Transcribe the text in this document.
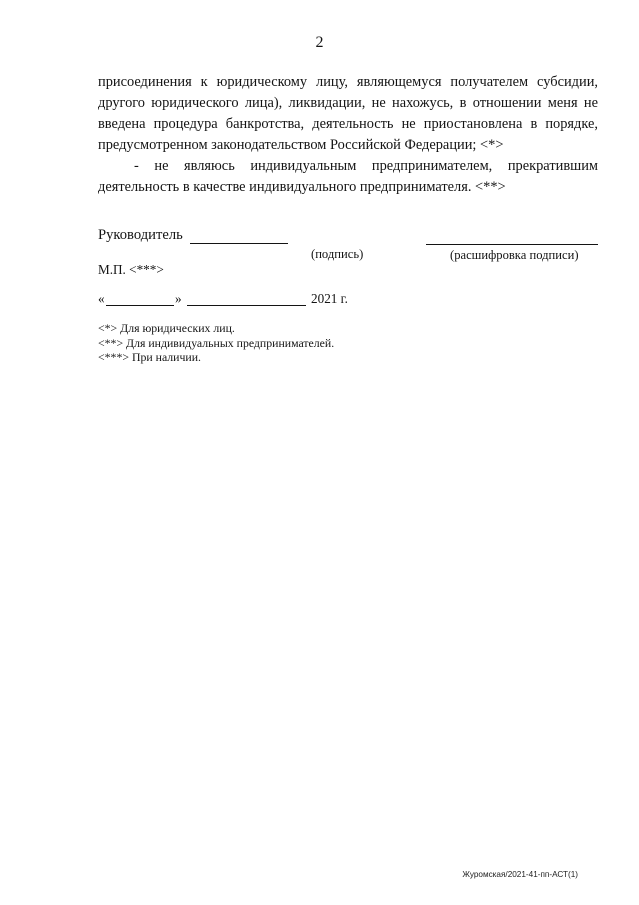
2

присоединения к юридическому лицу, являющемуся получателем субсидии, другого юридического лица), ликвидации, не нахожусь, в отношении меня не введена процедура банкротства, деятельность не приостановлена в порядке, предусмотренном законодательством Российской Федерации; <*>

- не являюсь индивидуальным предпринимателем, прекратившим деятельность в качестве индивидуального предпринимателя. <**>

Руководитель
(подпись)	(расшифровка подписи)
М.П. <***>
«	»	2021 г.
<*> Для юридических лиц.
<**> Для индивидуальных предпринимателей.
<***> При наличии.
Журомская/2021-41-пп-АСТ(1)
